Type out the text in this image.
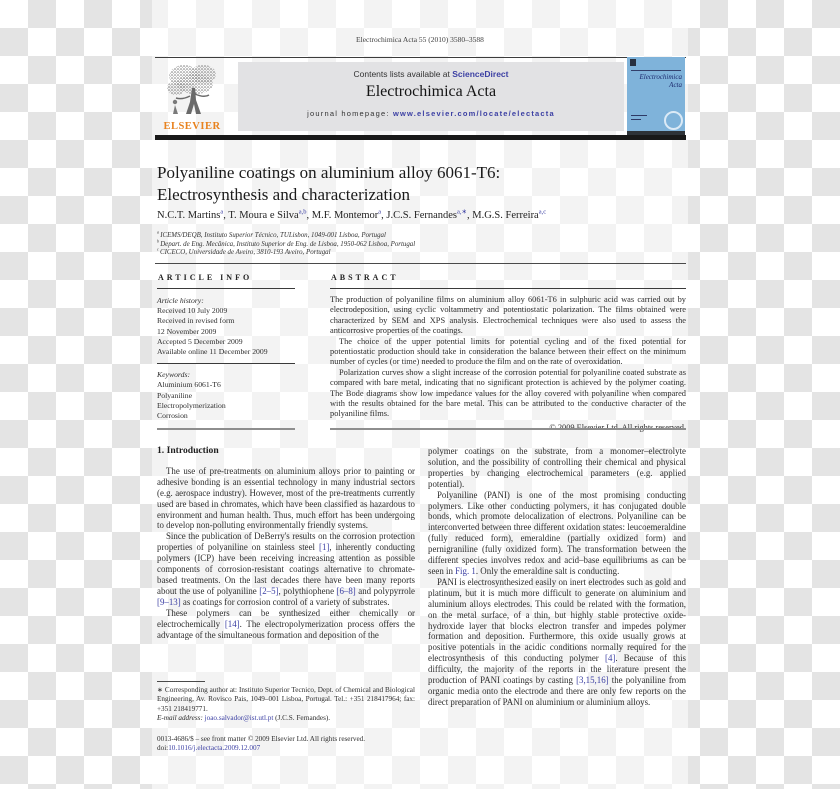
Electrochimica Acta 55 (2010) 3580–3588
ELSEVIER
Contents lists available at ScienceDirect
Electrochimica Acta
journal homepage: www.elsevier.com/locate/electacta
Electrochimica
Acta
Polyaniline coatings on aluminium alloy 6061-T6:
Electrosynthesis and characterization
N.C.T. Martins$^a$, T. Moura e Silva$^{a,b}$, M.F. Montemor$^a$, J.C.S. Fernandes$^{a,∗}$, M.G.S. Ferreira$^{a,c}$

$^a$ ICEMS/DEQB, Instituto Superior Técnico, TULisbon, 1049-001 Lisboa, Portugal

$^b$ Depart. de Eng. Mecânica, Instituto Superior de Eng. de Lisboa, 1950-062 Lisboa, Portugal

$^c$ CICECO, Universidade de Aveiro, 3810-193 Aveiro, Portugal

ARTICLE INFO	ABSTRACT
Article history:
Received 10 July 2009
Received in revised form
12 November 2009
Accepted 5 December 2009
Available online 11 December 2009
Keywords:
Aluminium 6061-T6
Polyaniline
Electropolymerization
Corrosion

The production of polyaniline films on aluminium alloy 6061-T6 in sulphuric acid was carried out by electrodeposition, using cyclic voltammetry and potentiostatic polarization. The films obtained were characterized by SEM and XPS analysis. Electrochemical techniques were also used to assess the anticorrosive properties of the coatings.

The choice of the upper potential limits for potential cycling and of the fixed potential for potentiostatic production should take in consideration the balance between their effect on the minimum number of cycles (or time) needed to produce the film and on the rate of overoxidation.

Polarization curves show a slight increase of the corrosion potential for polyaniline coated substrate as compared with bare metal, indicating that no significant protection is achieved by the polymer coating. The Bode diagrams show low impedance values for the alloy covered with polyaniline when compared with the results obtained for the bare metal. This can be attributed to the conductive character of the polyaniline films.

1. Introduction

The use of pre-treatments on aluminium alloys prior to painting or adhesive bonding is an essential technology in many industrial sectors (e.g. aerospace industry). However, most of the pre-treatments currently used are based in chromates, which have been classified as hazardous to environment and human health. Thus, much effort has been undergoing to develop non-polluting environmentally friendly systems.

Since the publication of DeBerry's results on the corrosion protection properties of polyaniline on stainless steel [1], inherently conducting polymers (ICP) have been receiving increasing attention as possible components of corrosion-resistant coatings alternative to chromate-based treatments. On the last decades there have been many reports about the use of polyaniline [2–5], polythiophene [6–8] and polypyrrole [9–13] as coatings for corrosion control of a variety of substrates.

These polymers can be synthesized either chemically or electrochemically [14]. The electropolymerization process offers the advantage of the simultaneous formation and deposition of the

polymer coatings on the substrate, from a monomer–electrolyte solution, and the possibility of controlling their chemical and physical properties by changing electrochemical parameters (e.g. applied potential).

Polyaniline (PANI) is one of the most promising conducting polymers. Like other conducting polymers, it has conjugated double bonds, which promote delocalization of electrons. Polyaniline can be interconverted between three different oxidation states: leucoemeraldine (fully reduced form), emeraldine (partially oxidized form) and pernigraniline (fully oxidized form). The transformation between the different species involves redox and acid–base equilibriums as can be seen in Fig. 1. Only the emeraldine salt is conducting.

PANI is electrosynthesized easily on inert electrodes such as gold and platinum, but it is much more difficult to generate on aluminium and aluminium alloys electrodes. This could be related with the formation, on the metal surface, of a thin, but highly stable protective oxide-hydroxide layer that blocks electron transfer and impedes polymer formation and deposition. Furthermore, this oxide usually grows at positive potentials in the acidic conditions normally required for the electrosynthesis of this conducting polymer [4]. Because of this difficulty, the majority of the reports in the literature present the production of PANI coatings by casting [3,15,16] the polyaniline from organic media onto the electrode and there are only few reports on the direct preparation of PANI on aluminium or aluminium alloys.

∗ Corresponding author at: Instituto Superior Tecnico, Dept. of Chemical and Biological Engineering, Av. Rovisco Pais, 1049–001 Lisboa, Portugal. Tel.: +351 218417964; fax: +351 218419771.

E-mail address: joao.salvador@ist.utl.pt (J.C.S. Fernandes).

0013-4686/$ – see front matter © 2009 Elsevier Ltd. All rights reserved.

doi:10.1016/j.electacta.2009.12.007
